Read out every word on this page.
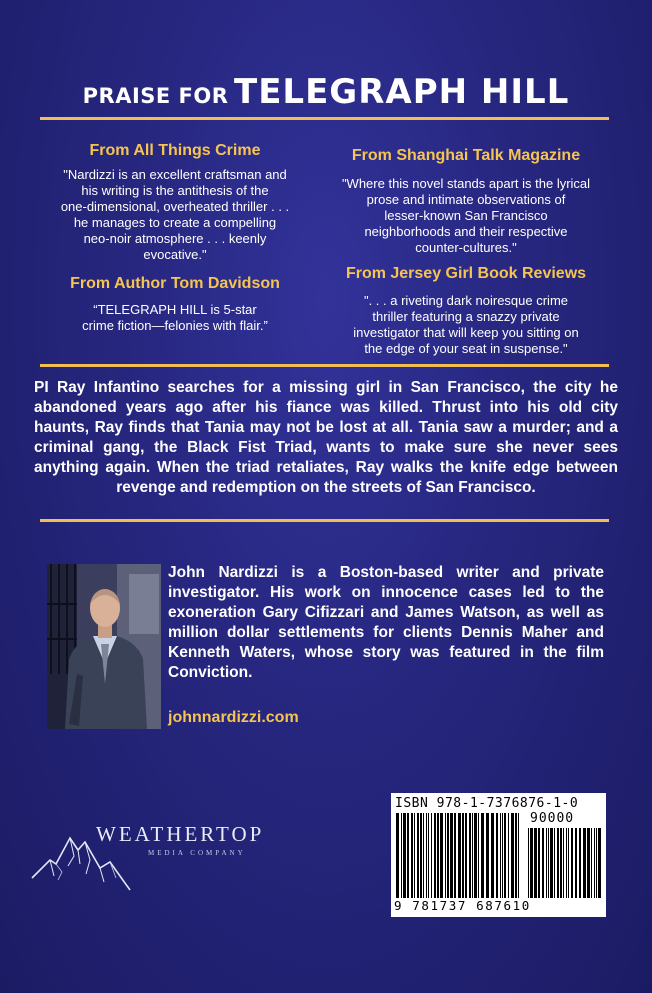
PRAISE FOR TELEGRAPH HILL
From All Things Crime
"Nardizzi is an excellent craftsman and
his writing is the antithesis of the
one-dimensional, overheated thriller . . .
he manages to create a compelling
neo-noir atmosphere . . . keenly
evocative."
From Author Tom Davidson
“TELEGRAPH HILL is 5-star
crime fiction—felonies with flair.”
From Shanghai Talk Magazine
"Where this novel stands apart is the lyrical
prose and intimate observations of
lesser-known San Francisco
neighborhoods and their respective
counter-cultures."
From Jersey Girl Book Reviews
". . . a riveting dark noiresque crime
thriller featuring a snazzy private
investigator that will keep you sitting on
the edge of your seat in suspense."
PI Ray Infantino searches for a missing girl in San Francisco, the city he abandoned years ago after his fiance was killed. Thrust into his old city haunts, Ray finds that Tania may not be lost at all. Tania saw a murder; and a criminal gang, the Black Fist Triad, wants to make sure she never sees anything again. When the triad retaliates, Ray walks the knife edge between revenge and redemption on the streets of San Francisco.
John Nardizzi is a Boston-based writer and private investigator. His work on innocence cases led to the exoneration Gary Cifizzari and James Watson, as well as million dollar settlements for clients Dennis Maher and Kenneth Waters, whose story was featured in the film Conviction.
johnnardizzi.com
WEATHERTOP
MEDIA COMPANY
ISBN 978-1-7376876-1-0
90000
9 781737 687610
